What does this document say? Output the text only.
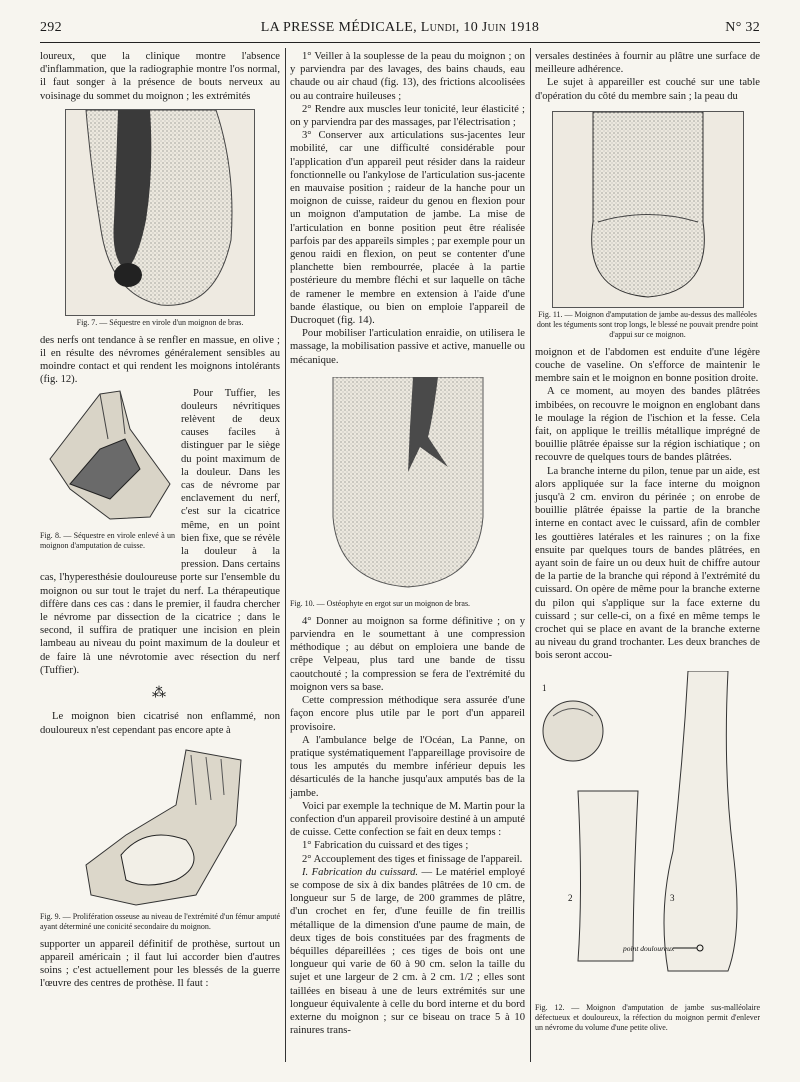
292	LA PRESSE MÉDICALE, Lundi, 10 Juin 1918	N° 32

loureux, que la clinique montre l'absence d'inflammation, que la radiographie montre l'os normal, il faut songer à la présence de bouts nerveux au voisinage du sommet du moignon ; les extrémités

Fig. 7. — Séquestre en virole d'un moignon de bras.

des nerfs ont tendance à se renfler en massue, en olive ; il en résulte des névromes généralement sensibles au moindre contact et qui rendent les moignons intolérants (fig. 12).

Fig. 8. — Séquestre en virole enlevé à un moignon d'amputation de cuisse.

Pour Tuffier, les douleurs névritiques relèvent de deux causes faciles à distinguer par le siège du point maximum de la douleur. Dans les cas de névrome par enclavement du nerf, c'est sur la cicatrice même, en un point bien fixe, que se révèle la douleur à la pression. Dans certains cas, l'hyperesthésie douloureuse porte sur l'ensemble du moignon ou sur tout le trajet du nerf. La thérapeutique diffère dans ces cas : dans le premier, il faudra chercher le névrome par dissection de la cicatrice ; dans le second, il suffira de pratiquer une incision en plein lambeau au niveau du point maximum de la douleur et de faire là une névrotomie avec résection du nerf (Tuffier).

⁂

Le moignon bien cicatrisé non enflammé, non douloureux n'est cependant pas encore apte à

Fig. 9. — Prolifération osseuse au niveau de l'extrémité d'un fémur amputé ayant déterminé une conicité secondaire du moignon.

supporter un appareil définitif de prothèse, surtout un appareil américain ; il faut lui accorder bien d'autres soins ; c'est actuellement pour les blessés de la guerre l'œuvre des centres de prothèse. Il faut :

1° Veiller à la souplesse de la peau du moignon ; on y parviendra par des lavages, des bains chauds, eau chaude ou air chaud (fig. 13), des frictions alcoolisées ou au contraire huileuses ;

2° Rendre aux muscles leur tonicité, leur élasticité ; on y parviendra par des massages, par l'électrisation ;

3° Conserver aux articulations sus-jacentes leur mobilité, car une difficulté considérable pour l'application d'un appareil peut résider dans la raideur fonctionnelle ou l'ankylose de l'articulation sus-jacente en mauvaise position ; raideur de la hanche pour un moignon de cuisse, raideur du genou en flexion pour un moignon d'amputation de jambe. La mise de l'articulation en bonne position peut être réalisée parfois par des appareils simples ; par exemple pour un genou raidi en flexion, on peut se contenter d'une planchette bien rembourrée, placée à la partie postérieure du membre fléchi et sur laquelle on tâche de ramener le membre en extension à l'aide d'une bande élastique, ou bien on emploie l'appareil de Ducroquet (fig. 14).

Pour mobiliser l'articulation enraidie, on utilisera le massage, la mobilisation passive et active, manuelle ou mécanique.

Fig. 10. — Ostéophyte en ergot sur un moignon de bras.

4° Donner au moignon sa forme définitive ; on y parviendra en le soumettant à une compression méthodique ; au début on emploiera une bande de crêpe Velpeau, plus tard une bande de tissu caoutchouté ; la compression se fera de l'extrémité du moignon vers sa base.

Cette compression méthodique sera assurée d'une façon encore plus utile par le port d'un appareil provisoire.

A l'ambulance belge de l'Océan, La Panne, on pratique systématiquement l'appareillage provisoire de tous les amputés du membre inférieur depuis les désarticulés de la hanche jusqu'aux amputés bas de la jambe.

Voici par exemple la technique de M. Martin pour la confection d'un appareil provisoire destiné à un amputé de cuisse. Cette confection se fait en deux temps :

1° Fabrication du cuissard et des tiges ;

2° Accouplement des tiges et finissage de l'appareil.

I. Fabrication du cuissard. — Le matériel employé se compose de six à dix bandes plâtrées de 10 cm. de longueur sur 5 de large, de 200 grammes de plâtre, d'un crochet en fer, d'une feuille de fin treillis métallique de la dimension d'une paume de main, de deux tiges de bois constituées par des fragments de béquilles dépareillées ; ces tiges de bois ont une longueur qui varie de 60 à 90 cm. selon la taille du sujet et une largeur de 2 cm. à 2 cm. 1/2 ; elles sont taillées en biseau à une de leurs extrémités sur une longueur équivalente à celle du bord interne et du bord externe du moignon ; sur ce biseau on trace 5 à 10 rainures trans-

versales destinées à fournir au plâtre une surface de meilleure adhérence.

Le sujet à appareiller est couché sur une table d'opération du côté du membre sain ; la peau du

Fig. 11. — Moignon d'amputation de jambe au-dessus des malléoles dont les téguments sont trop longs, le blessé ne pouvait prendre point d'appui sur ce moignon.

moignon et de l'abdomen est enduite d'une légère couche de vaseline. On s'efforce de maintenir le membre sain et le moignon en bonne position droite.

A ce moment, au moyen des bandes plâtrées imbibées, on recouvre le moignon en englobant dans le moulage la région de l'ischion et la fesse. Cela fait, on applique le treillis métallique imprégné de bouillie plâtrée épaisse sur la région ischiatique ; on recouvre de quelques tours de bandes plâtrées.

La branche interne du pilon, tenue par un aide, est alors appliquée sur la face interne du moignon jusqu'à 2 cm. environ du périnée ; on enrobe de bouillie plâtrée épaisse la partie de la branche interne en contact avec le cuissard, afin de combler les gouttières latérales et les rainures ; on la fixe ensuite par quelques tours de bandes plâtrées, en ayant soin de faire un ou deux huit de chiffre autour de la partie de la branche qui répond à l'extrémité du cuissard. On opère de même pour la branche externe du pilon qui s'applique sur la face externe du cuissard ; sur celle-ci, on a fixé en même temps le crochet qui se place en avant de la branche externe au niveau du grand trochanter. Les deux branches de bois seront accou-

1
2	3
point douloureux
Fig. 12. — Moignon d'amputation de jambe sus-malléolaire défectueux et douloureux, la réfection du moignon permit d'enlever un névrome du volume d'une petite olive.
